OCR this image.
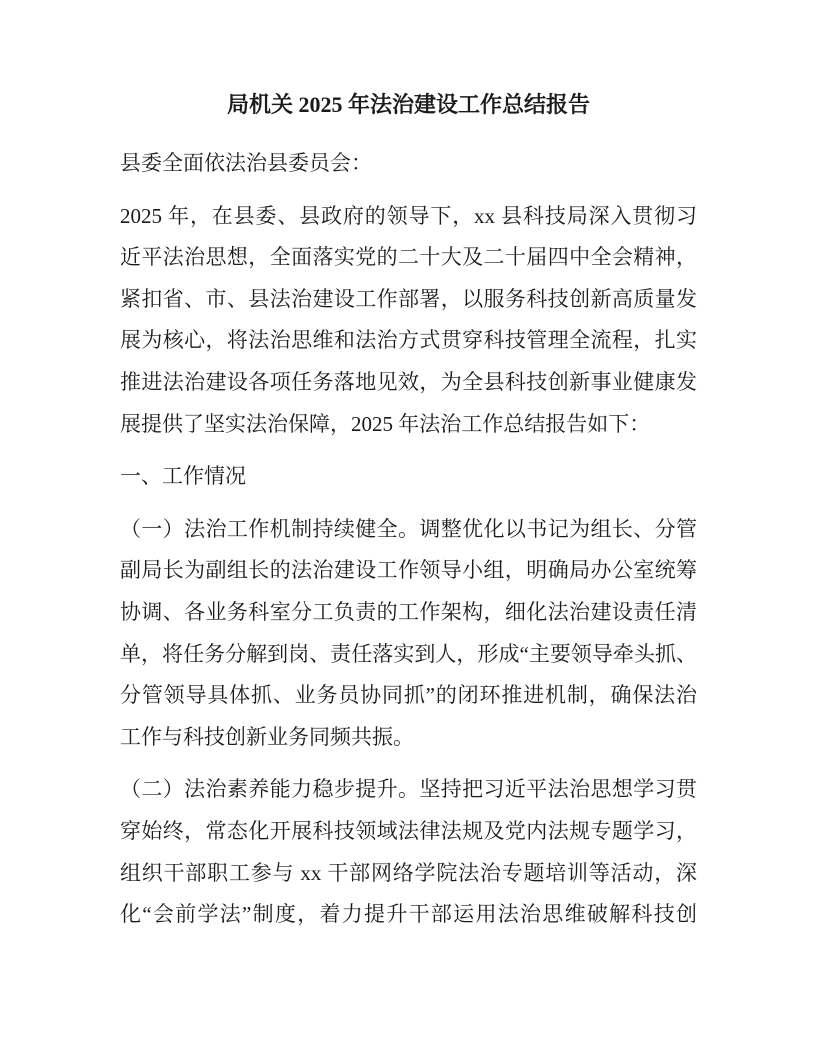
局机关 2025 年法治建设工作总结报告
县委全面依法治县委员会：
2025 年，在县委、县政府的领导下，xx 县科技局深入贯彻习
近平法治思想，全面落实党的二十大及二十届四中全会精神，
紧扣省、市、县法治建设工作部署，以服务科技创新高质量发
展为核心，将法治思维和法治方式贯穿科技管理全流程，扎实
推进法治建设各项任务落地见效，为全县科技创新事业健康发
展提供了坚实法治保障，2025 年法治工作总结报告如下：
一、工作情况
（一）法治工作机制持续健全。调整优化以书记为组长、分管
副局长为副组长的法治建设工作领导小组，明确局办公室统筹
协调、各业务科室分工负责的工作架构，细化法治建设责任清
单，将任务分解到岗、责任落实到人，形成“主要领导牵头抓、
分管领导具体抓、业务员协同抓”的闭环推进机制，确保法治
工作与科技创新业务同频共振。
（二）法治素养能力稳步提升。坚持把习近平法治思想学习贯
穿始终，常态化开展科技领域法律法规及党内法规专题学习，
组织干部职工参与 xx 干部网络学院法治专题培训等活动，深
化“会前学法”制度，着力提升干部运用法治思维破解科技创
